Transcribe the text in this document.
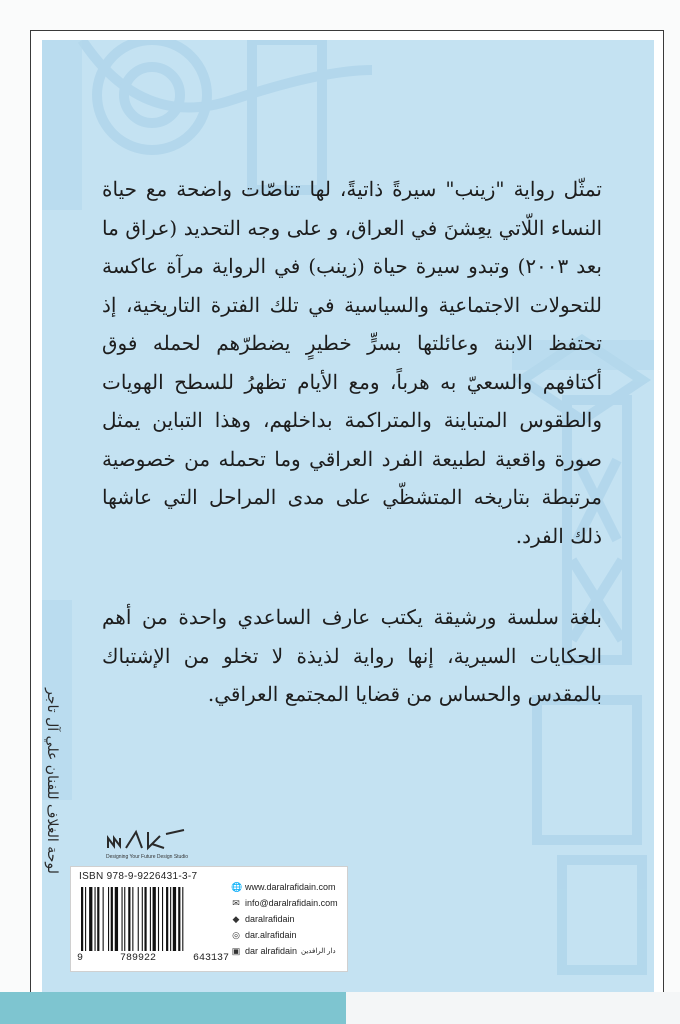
تمثّل رواية "زينب" سيرةً ذاتيةً، لها تناصّات واضحة مع حياة النساء اللّاتي يعِشنَ في العراق، و على وجه التحديد (عراق ما بعد ٢٠٠٣) وتبدو سيرة حياة (زينب) في الرواية مرآة عاكسة للتحولات الاجتماعية والسياسية في تلك الفترة التاريخية، إذ تحتفظ الابنة وعائلتها بسرٍّ خطيرٍ يضطرّهم لحمله فوق أكتافهم والسعيّ به هرباً، ومع الأيام تظهرُ للسطح الهويات والطقوس المتباينة والمتراكمة بداخلهم، وهذا التباين يمثل صورة واقعية لطبيعة الفرد العراقي وما تحمله من خصوصية مرتبطة بتاريخه المتشظّي على مدى المراحل التي عاشها ذلك الفرد.
بلغة سلسة ورشيقة يكتب عارف الساعدي واحدة من أهم الحكايات السيرية، إنها رواية لذيذة لا تخلو من الإشتباك بالمقدس والحساس من قضايا المجتمع العراقي.
لوحة الغلاف للفنان علي آل تاجر	Designing Your Future Design Studio
ISBN 978-9-9226431-3-7
9	789922	643137
🌐 www.daralrafidain.com
✉ info@daralrafidain.com
◆ daralrafidain
◎ dar.alrafidain
▣ dar alrafidain دار الرافدين
